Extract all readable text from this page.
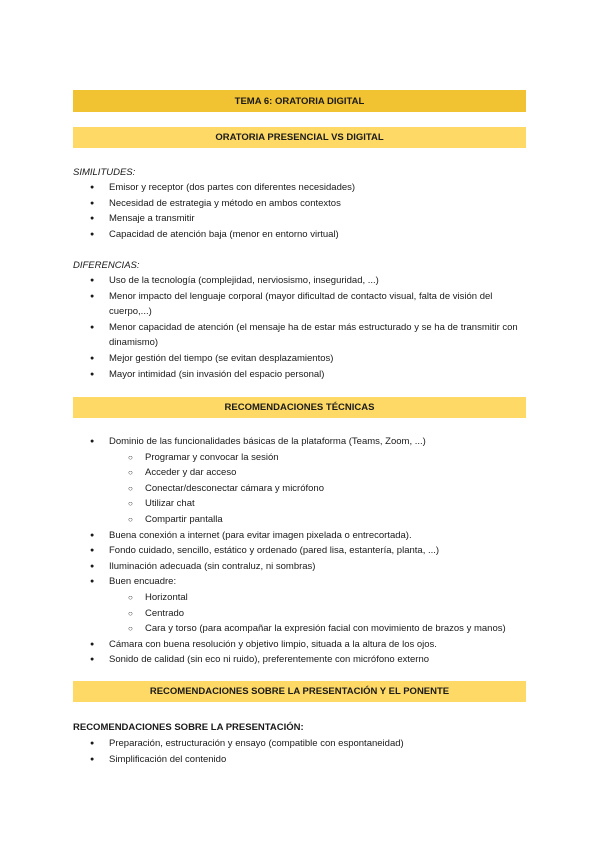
TEMA 6: ORATORIA DIGITAL
ORATORIA PRESENCIAL VS DIGITAL
SIMILITUDES:
● Emisor y receptor (dos partes con diferentes necesidades)
● Necesidad de estrategia y método en ambos contextos
● Mensaje a transmitir
● Capacidad de atención baja (menor en entorno virtual)
DIFERENCIAS:
● Uso de la tecnología (complejidad, nerviosismo, inseguridad, ...)
● Menor impacto del lenguaje corporal (mayor dificultad de contacto visual, falta de visión del cuerpo,...)
● Menor capacidad de atención (el mensaje ha de estar más estructurado y se ha de transmitir con dinamismo)
● Mejor gestión del tiempo (se evitan desplazamientos)
● Mayor intimidad (sin invasión del espacio personal)
RECOMENDACIONES TÉCNICAS
● Dominio de las funcionalidades básicas de la plataforma (Teams, Zoom, ...)
○ Programar y convocar la sesión
○ Acceder y dar acceso
○ Conectar/desconectar cámara y micrófono
○ Utilizar chat
○ Compartir pantalla
● Buena conexión a internet (para evitar imagen pixelada o entrecortada).
● Fondo cuidado, sencillo, estático y ordenado (pared lisa, estantería, planta, ...)
● Iluminación adecuada (sin contraluz, ni sombras)
● Buen encuadre:
○ Horizontal
○ Centrado
○ Cara y torso (para acompañar la expresión facial con movimiento de brazos y manos)
● Cámara con buena resolución y objetivo limpio, situada a la altura de los ojos.
● Sonido de calidad (sin eco ni ruido), preferentemente con micrófono externo
RECOMENDACIONES SOBRE LA PRESENTACIÓN Y EL PONENTE
RECOMENDACIONES SOBRE LA PRESENTACIÓN:
● Preparación, estructuración y ensayo (compatible con espontaneidad)
● Simplificación del contenido
